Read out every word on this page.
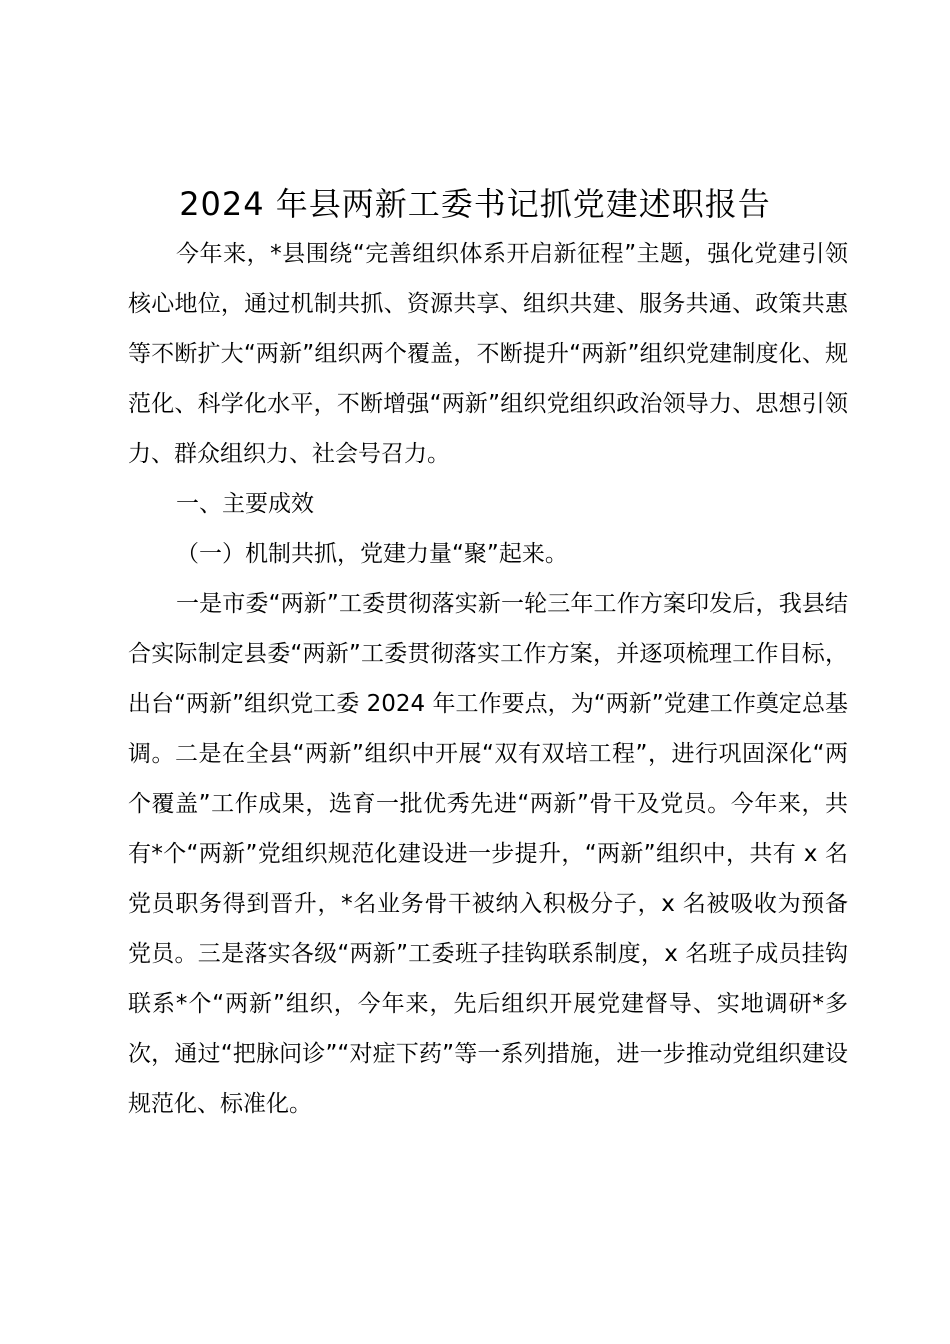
2024 年县两新工委书记抓党建述职报告
今年来，*县围绕“完善组织体系开启新征程”主题，强化党建引领核心地位，通过机制共抓、资源共享、组织共建、服务共通、政策共惠等不断扩大“两新”组织两个覆盖，不断提升“两新”组织党建制度化、规范化、科学化水平，不断增强“两新”组织党组织政治领导力、思想引领力、群众组织力、社会号召力。
一、主要成效
（一）机制共抓，党建力量“聚”起来。
一是市委“两新”工委贯彻落实新一轮三年工作方案印发后，我县结合实际制定县委“两新”工委贯彻落实工作方案，并逐项梳理工作目标，出台“两新”组织党工委 2024 年工作要点，为“两新”党建工作奠定总基调。二是在全县“两新”组织中开展“双有双培工程”，进行巩固深化“两个覆盖”工作成果，选育一批优秀先进“两新”骨干及党员。今年来，共有*个“两新”党组织规范化建设进一步提升，“两新”组织中，共有 x 名党员职务得到晋升，*名业务骨干被纳入积极分子，x 名被吸收为预备党员。三是落实各级“两新”工委班子挂钩联系制度，x 名班子成员挂钩联系*个“两新”组织，今年来，先后组织开展党建督导、实地调研*多次，通过“把脉问诊”“对症下药”等一系列措施，进一步推动党组织建设规范化、标准化。
